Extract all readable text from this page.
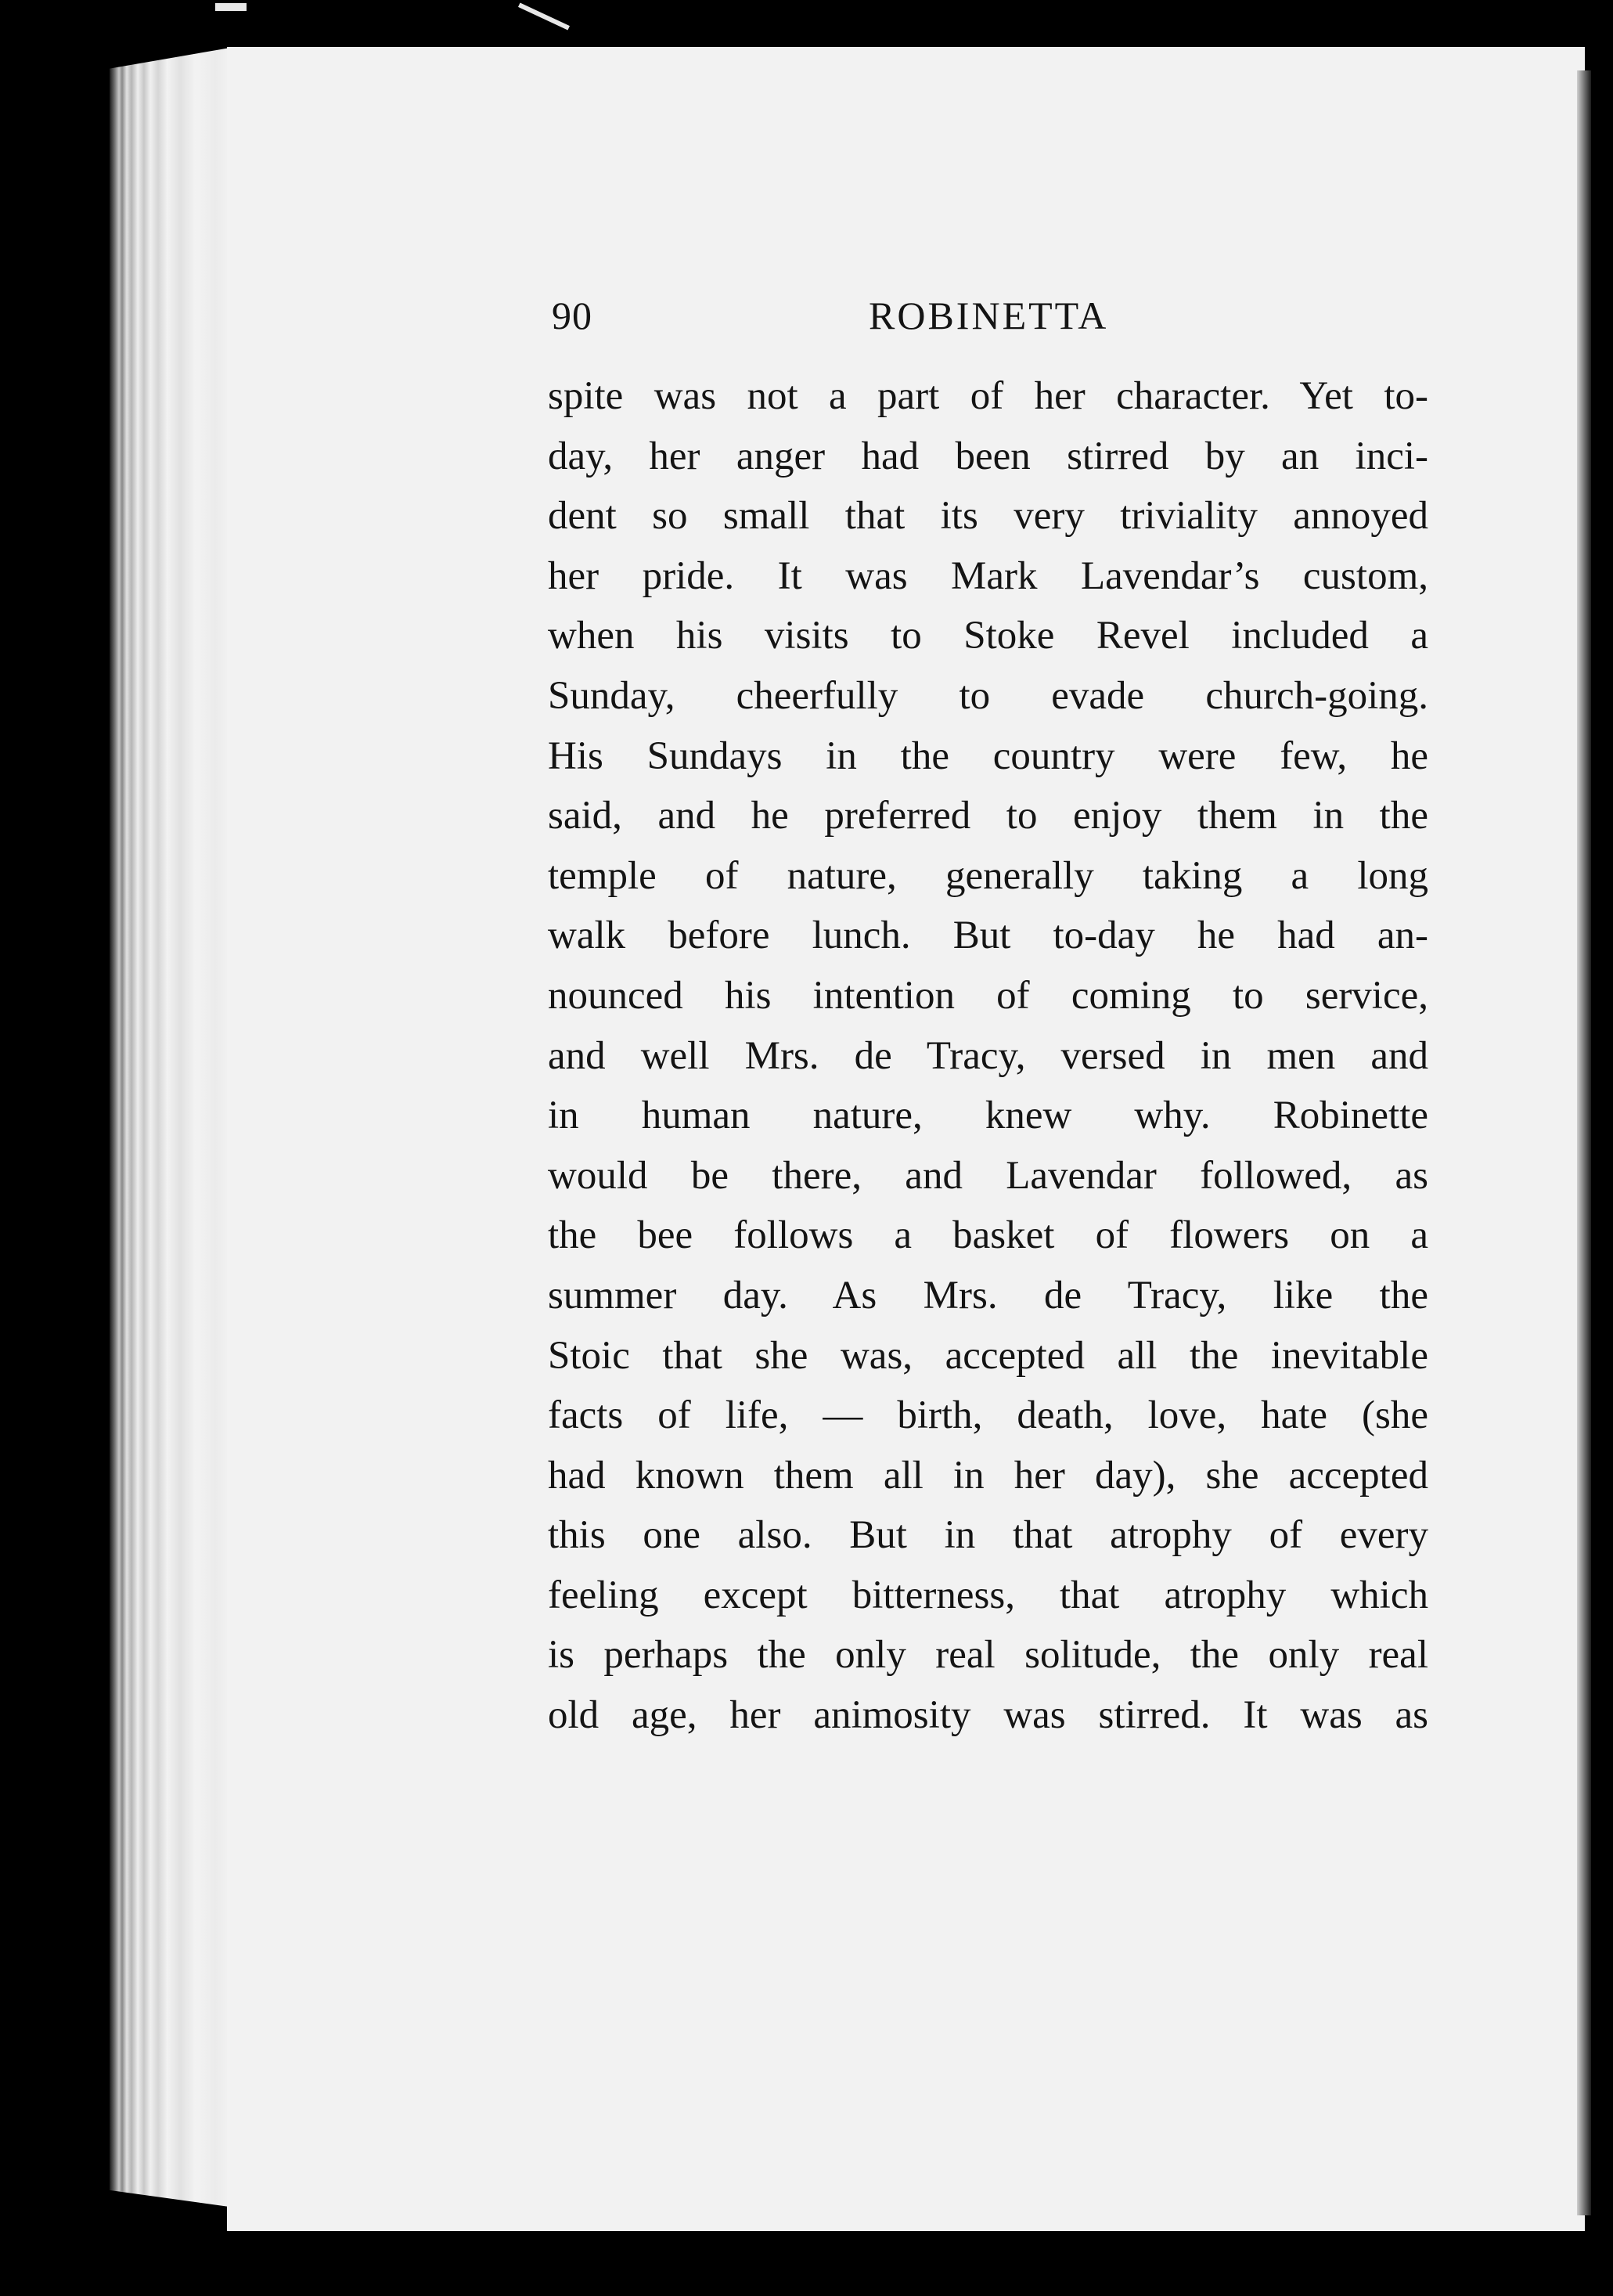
90	ROBINETTA
spite was not a part of her character. Yet to-
day, her anger had been stirred by an inci-
dent so small that its very triviality annoyed
her pride. It was Mark Lavendar’s custom,
when his visits to Stoke Revel included a
Sunday, cheerfully to evade church-going.
His Sundays in the country were few, he
said, and he preferred to enjoy them in the
temple of nature, generally taking a long
walk before lunch. But to-day he had an-
nounced his intention of coming to service,
and well Mrs. de Tracy, versed in men and
in human nature, knew why. Robinette
would be there, and Lavendar followed, as
the bee follows a basket of flowers on a
summer day. As Mrs. de Tracy, like the
Stoic that she was, accepted all the inevitable
facts of life, — birth, death, love, hate (she
had known them all in her day), she accepted
this one also. But in that atrophy of every
feeling except bitterness, that atrophy which
is perhaps the only real solitude, the only real
old age, her animosity was stirred. It was as
